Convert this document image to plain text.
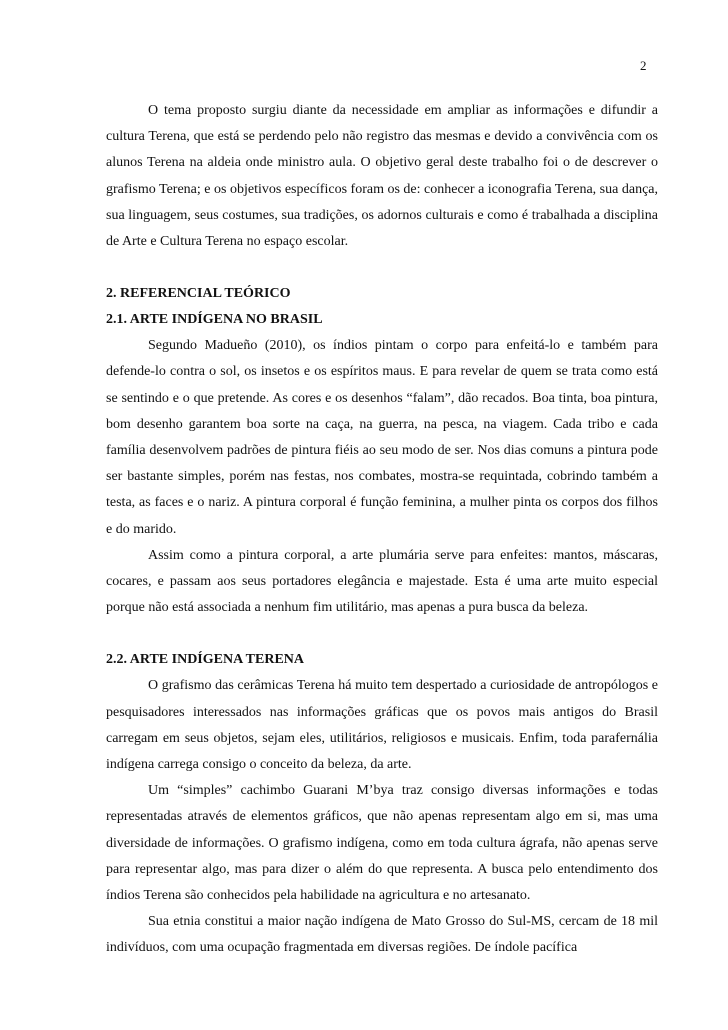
2

O tema proposto surgiu diante da necessidade em ampliar as informações e difundir a cultura Terena, que está se perdendo pelo não registro das mesmas e devido a convivência com os alunos Terena na aldeia onde ministro aula. O objetivo geral deste trabalho foi o de descrever o grafismo Terena; e os objetivos específicos foram os de: conhecer a iconografia Terena, sua dança, sua linguagem, seus costumes, sua tradições, os adornos culturais e como é trabalhada a disciplina de Arte e Cultura Terena no espaço escolar.

2. REFERENCIAL TEÓRICO
2.1. ARTE INDÍGENA NO BRASIL

Segundo Madueño (2010), os índios pintam o corpo para enfeitá-lo e também para defende-lo contra o sol, os insetos e os espíritos maus. E para revelar de quem se trata como está se sentindo e o que pretende. As cores e os desenhos “falam”, dão recados. Boa tinta, boa pintura, bom desenho garantem boa sorte na caça, na guerra, na pesca, na viagem. Cada tribo e cada família desenvolvem padrões de pintura fiéis ao seu modo de ser. Nos dias comuns a pintura pode ser bastante simples, porém nas festas, nos combates, mostra-se requintada, cobrindo também a testa, as faces e o nariz. A pintura corporal é função feminina, a mulher pinta os corpos dos filhos e do marido.

Assim como a pintura corporal, a arte plumária serve para enfeites: mantos, máscaras, cocares, e passam aos seus portadores elegância e majestade. Esta é uma arte muito especial porque não está associada a nenhum fim utilitário, mas apenas a pura busca da beleza.

2.2. ARTE INDÍGENA TERENA

O grafismo das cerâmicas Terena há muito tem despertado a curiosidade de antropólogos e pesquisadores interessados nas informações gráficas que os povos mais antigos do Brasil carregam em seus objetos, sejam eles, utilitários, religiosos e musicais. Enfim, toda parafernália indígena carrega consigo o conceito da beleza, da arte.

Um “simples” cachimbo Guarani M’bya traz consigo diversas informações e todas representadas através de elementos gráficos, que não apenas representam algo em si, mas uma diversidade de informações. O grafismo indígena, como em toda cultura ágrafa, não apenas serve para representar algo, mas para dizer o além do que representa. A busca pelo entendimento dos índios Terena são conhecidos pela habilidade na agricultura e no artesanato.

Sua etnia constitui a maior nação indígena de Mato Grosso do Sul-MS, cercam de 18 mil indivíduos, com uma ocupação fragmentada em diversas regiões. De índole pacífica
